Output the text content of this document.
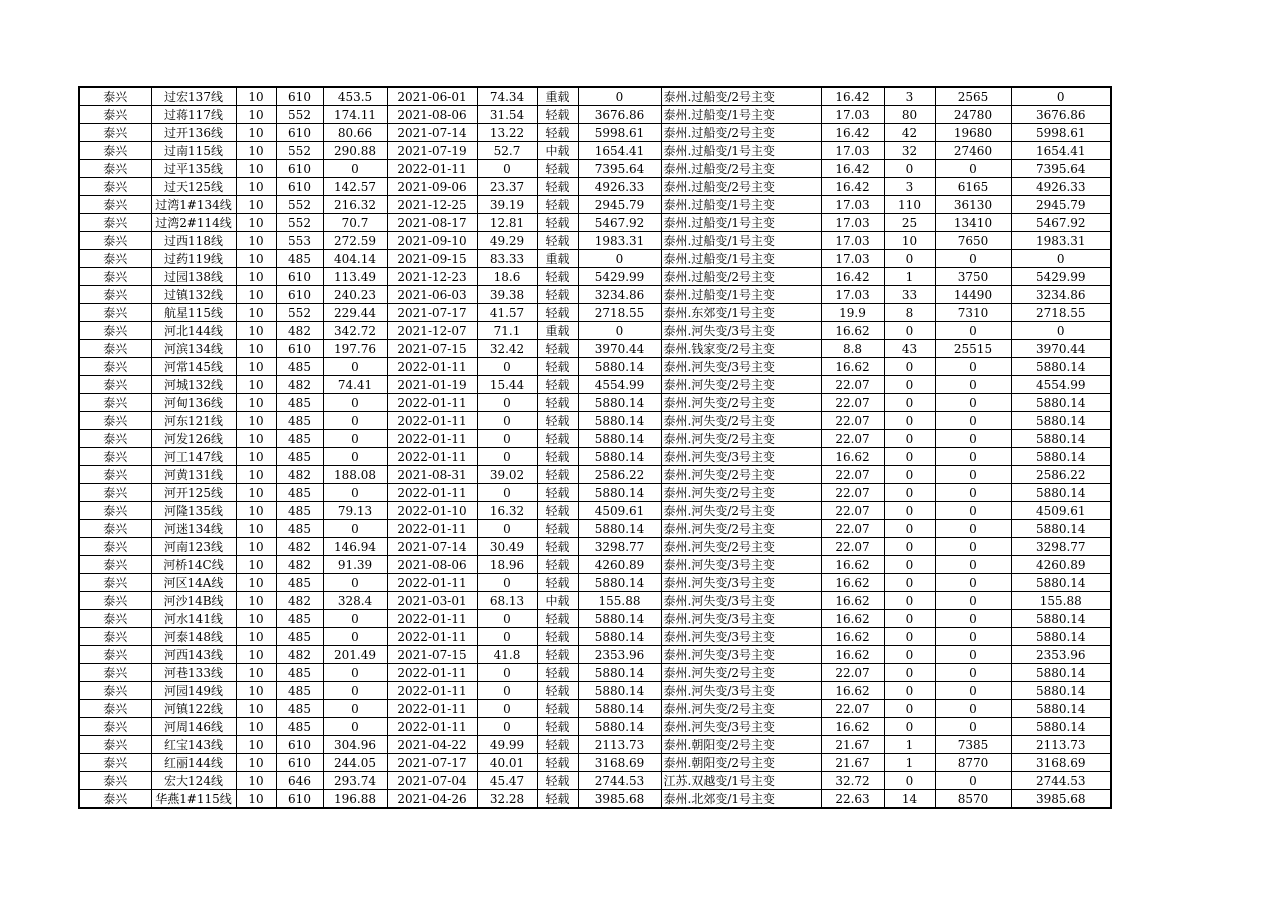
泰兴	过宏137线	10	610	453.5	2021-06-01	74.34	重载	0	泰州.过船变/2号主变	16.42	3	2565	0
泰兴	过蒋117线	10	552	174.11	2021-08-06	31.54	轻载	3676.86	泰州.过船变/1号主变	17.03	80	24780	3676.86
泰兴	过开136线	10	610	80.66	2021-07-14	13.22	轻载	5998.61	泰州.过船变/2号主变	16.42	42	19680	5998.61
泰兴	过南115线	10	552	290.88	2021-07-19	52.7	中载	1654.41	泰州.过船变/1号主变	17.03	32	27460	1654.41
泰兴	过平135线	10	610	0	2022-01-11	0	轻载	7395.64	泰州.过船变/2号主变	16.42	0	0	7395.64
泰兴	过天125线	10	610	142.57	2021-09-06	23.37	轻载	4926.33	泰州.过船变/2号主变	16.42	3	6165	4926.33
泰兴	过湾1#134线	10	552	216.32	2021-12-25	39.19	轻载	2945.79	泰州.过船变/1号主变	17.03	110	36130	2945.79
泰兴	过湾2#114线	10	552	70.7	2021-08-17	12.81	轻载	5467.92	泰州.过船变/1号主变	17.03	25	13410	5467.92
泰兴	过西118线	10	553	272.59	2021-09-10	49.29	轻载	1983.31	泰州.过船变/1号主变	17.03	10	7650	1983.31
泰兴	过药119线	10	485	404.14	2021-09-15	83.33	重载	0	泰州.过船变/1号主变	17.03	0	0	0
泰兴	过园138线	10	610	113.49	2021-12-23	18.6	轻载	5429.99	泰州.过船变/2号主变	16.42	1	3750	5429.99
泰兴	过镇132线	10	610	240.23	2021-06-03	39.38	轻载	3234.86	泰州.过船变/1号主变	17.03	33	14490	3234.86
泰兴	航星115线	10	552	229.44	2021-07-17	41.57	轻载	2718.55	泰州.东郊变/1号主变	19.9	8	7310	2718.55
泰兴	河北144线	10	482	342.72	2021-12-07	71.1	重载	0	泰州.河失变/3号主变	16.62	0	0	0
泰兴	河滨134线	10	610	197.76	2021-07-15	32.42	轻载	3970.44	泰州.钱家变/2号主变	8.8	43	25515	3970.44
泰兴	河常145线	10	485	0	2022-01-11	0	轻载	5880.14	泰州.河失变/3号主变	16.62	0	0	5880.14
泰兴	河城132线	10	482	74.41	2021-01-19	15.44	轻载	4554.99	泰州.河失变/2号主变	22.07	0	0	4554.99
泰兴	河甸136线	10	485	0	2022-01-11	0	轻载	5880.14	泰州.河失变/2号主变	22.07	0	0	5880.14
泰兴	河东121线	10	485	0	2022-01-11	0	轻载	5880.14	泰州.河失变/2号主变	22.07	0	0	5880.14
泰兴	河发126线	10	485	0	2022-01-11	0	轻载	5880.14	泰州.河失变/2号主变	22.07	0	0	5880.14
泰兴	河工147线	10	485	0	2022-01-11	0	轻载	5880.14	泰州.河失变/3号主变	16.62	0	0	5880.14
泰兴	河黄131线	10	482	188.08	2021-08-31	39.02	轻载	2586.22	泰州.河失变/2号主变	22.07	0	0	2586.22
泰兴	河开125线	10	485	0	2022-01-11	0	轻载	5880.14	泰州.河失变/2号主变	22.07	0	0	5880.14
泰兴	河隆135线	10	485	79.13	2022-01-10	16.32	轻载	4509.61	泰州.河失变/2号主变	22.07	0	0	4509.61
泰兴	河迷134线	10	485	0	2022-01-11	0	轻载	5880.14	泰州.河失变/2号主变	22.07	0	0	5880.14
泰兴	河南123线	10	482	146.94	2021-07-14	30.49	轻载	3298.77	泰州.河失变/2号主变	22.07	0	0	3298.77
泰兴	河桥14C线	10	482	91.39	2021-08-06	18.96	轻载	4260.89	泰州.河失变/3号主变	16.62	0	0	4260.89
泰兴	河区14A线	10	485	0	2022-01-11	0	轻载	5880.14	泰州.河失变/3号主变	16.62	0	0	5880.14
泰兴	河沙14B线	10	482	328.4	2021-03-01	68.13	中载	155.88	泰州.河失变/3号主变	16.62	0	0	155.88
泰兴	河水141线	10	485	0	2022-01-11	0	轻载	5880.14	泰州.河失变/3号主变	16.62	0	0	5880.14
泰兴	河泰148线	10	485	0	2022-01-11	0	轻载	5880.14	泰州.河失变/3号主变	16.62	0	0	5880.14
泰兴	河西143线	10	482	201.49	2021-07-15	41.8	轻载	2353.96	泰州.河失变/3号主变	16.62	0	0	2353.96
泰兴	河巷133线	10	485	0	2022-01-11	0	轻载	5880.14	泰州.河失变/2号主变	22.07	0	0	5880.14
泰兴	河园149线	10	485	0	2022-01-11	0	轻载	5880.14	泰州.河失变/3号主变	16.62	0	0	5880.14
泰兴	河镇122线	10	485	0	2022-01-11	0	轻载	5880.14	泰州.河失变/2号主变	22.07	0	0	5880.14
泰兴	河周146线	10	485	0	2022-01-11	0	轻载	5880.14	泰州.河失变/3号主变	16.62	0	0	5880.14
泰兴	红宝143线	10	610	304.96	2021-04-22	49.99	轻载	2113.73	泰州.朝阳变/2号主变	21.67	1	7385	2113.73
泰兴	红丽144线	10	610	244.05	2021-07-17	40.01	轻载	3168.69	泰州.朝阳变/2号主变	21.67	1	8770	3168.69
泰兴	宏大124线	10	646	293.74	2021-07-04	45.47	轻载	2744.53	江苏.双越变/1号主变	32.72	0	0	2744.53
泰兴	华燕1#115线	10	610	196.88	2021-04-26	32.28	轻载	3985.68	泰州.北郊变/1号主变	22.63	14	8570	3985.68
